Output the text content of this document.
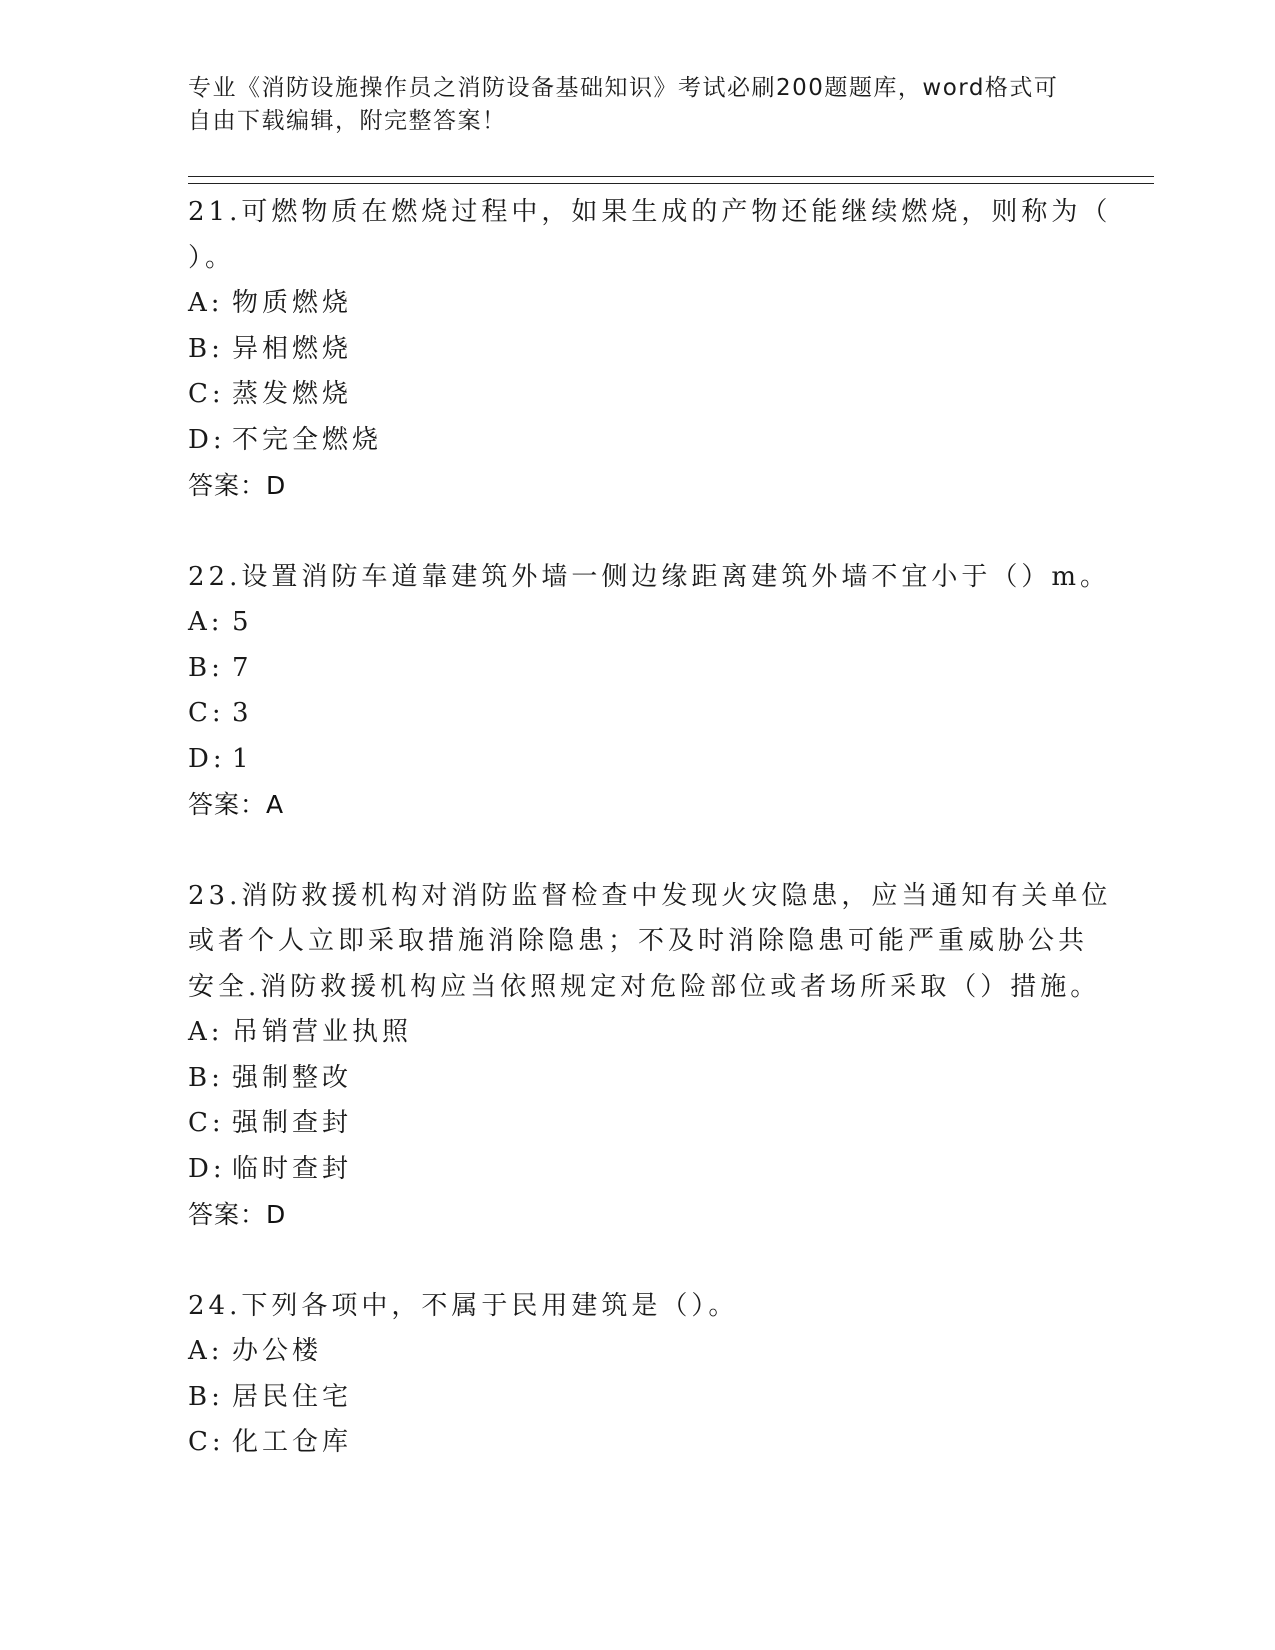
专业《消防设施操作员之消防设备基础知识》考试必刷200题题库，word格式可
自由下载编辑，附完整答案！

21.可燃物质在燃烧过程中，如果生成的产物还能继续燃烧，则称为（

）。

A: 物质燃烧

B: 异相燃烧

C: 蒸发燃烧

D: 不完全燃烧

答案：D

22.设置消防车道靠建筑外墙一侧边缘距离建筑外墙不宜小于（）m。

A: 5

B: 7

C: 3

D: 1

答案：A

23.消防救援机构对消防监督检查中发现火灾隐患，应当通知有关单位

或者个人立即采取措施消除隐患；不及时消除隐患可能严重威胁公共

安全.消防救援机构应当依照规定对危险部位或者场所采取（）措施。

A: 吊销营业执照

B: 强制整改

C: 强制查封

D: 临时查封

答案：D

24.下列各项中，不属于民用建筑是（）。

A: 办公楼

B: 居民住宅

C: 化工仓库
